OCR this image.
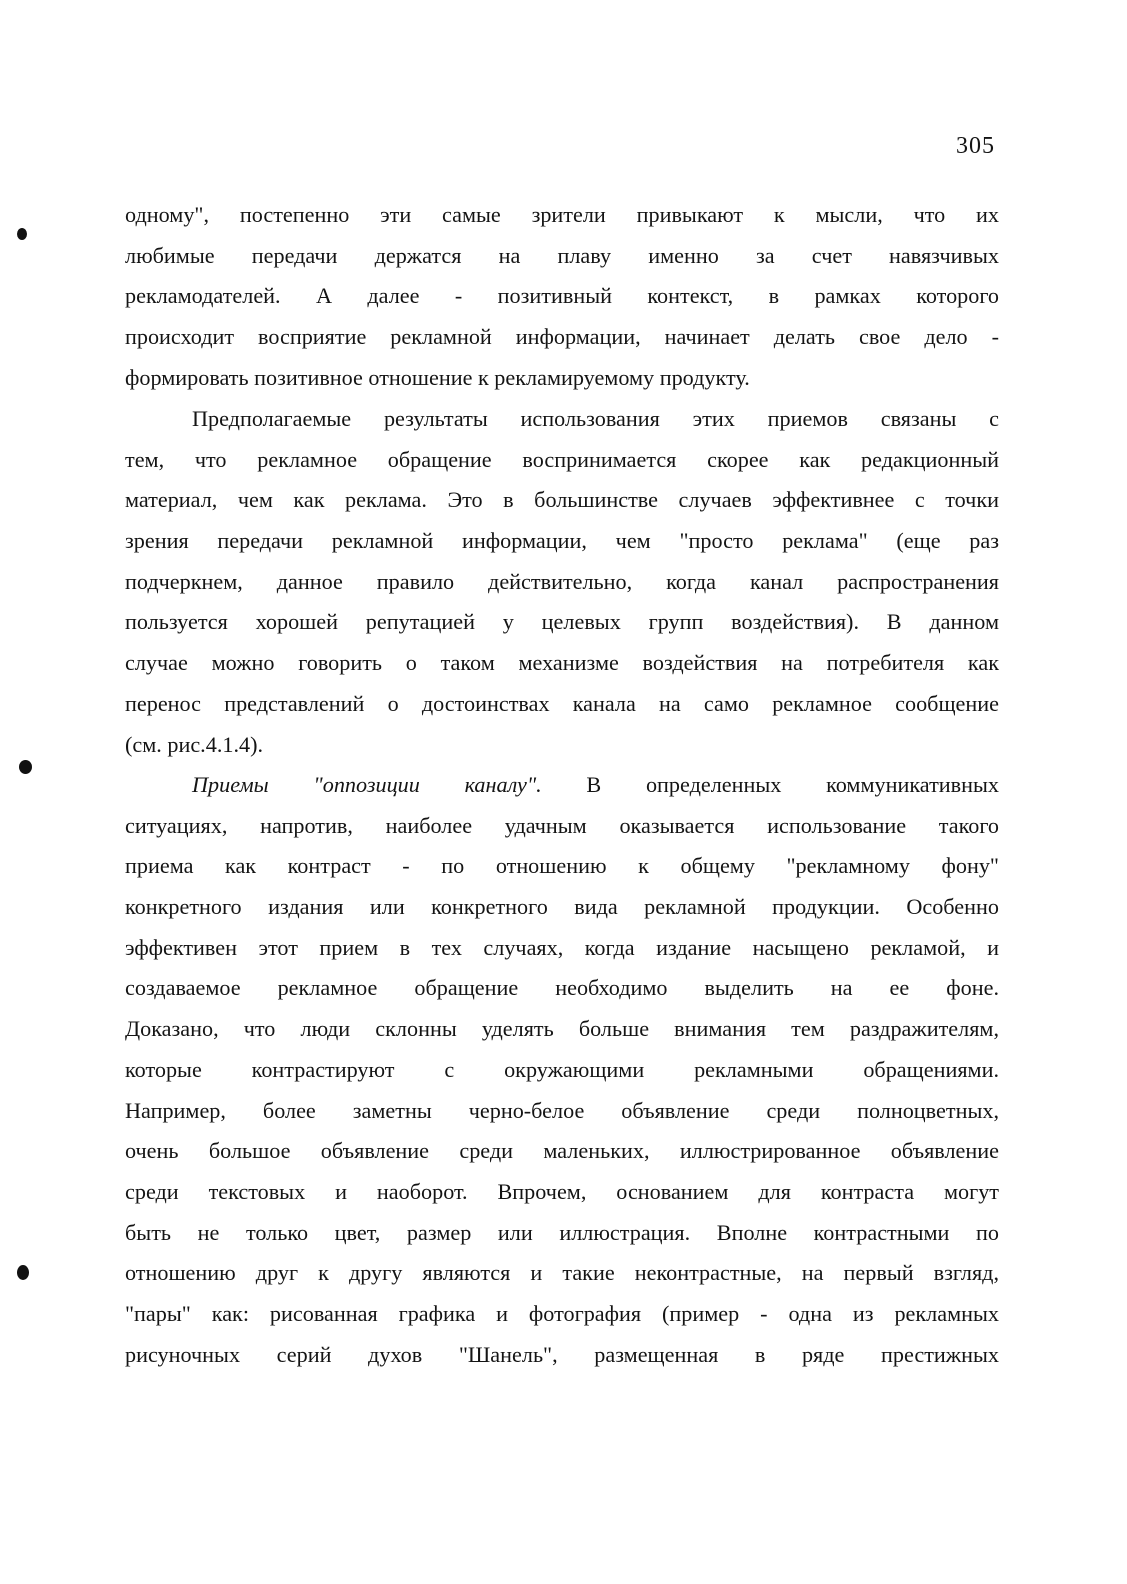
305
одному", постепенно эти самые зрители привыкают к мысли, что их
любимые передачи держатся на плаву именно за счет навязчивых
рекламодателей. А далее - позитивный контекст, в рамках которого
происходит восприятие рекламной информации, начинает делать свое дело -
формировать позитивное отношение к рекламируемому продукту.
Предполагаемые результаты использования этих приемов связаны с
тем, что рекламное обращение воспринимается скорее как редакционный
материал, чем как реклама. Это в большинстве случаев эффективнее с точки
зрения передачи рекламной информации, чем "просто реклама" (еще раз
подчеркнем, данное правило действительно, когда канал распространения
пользуется хорошей репутацией у целевых групп воздействия). В данном
случае можно говорить о таком механизме воздействия на потребителя как
перенос представлений о достоинствах канала на само рекламное сообщение
(см. рис.4.1.4).
Приемы "оппозиции каналу". В определенных коммуникативных
ситуациях, напротив, наиболее удачным оказывается использование такого
приема как контраст - по отношению к общему "рекламному фону"
конкретного издания или конкретного вида рекламной продукции. Особенно
эффективен этот прием в тех случаях, когда издание насыщено рекламой, и
создаваемое рекламное обращение необходимо выделить на ее фоне.
Доказано, что люди склонны уделять больше внимания тем раздражителям,
которые контрастируют с окружающими рекламными обращениями.
Например, более заметны черно-белое объявление среди полноцветных,
очень большое объявление среди маленьких, иллюстрированное объявление
среди текстовых и наоборот. Впрочем, основанием для контраста могут
быть не только цвет, размер или иллюстрация. Вполне контрастными по
отношению друг к другу являются и такие неконтрастные, на первый взгляд,
"пары" как: рисованная графика и фотография (пример - одна из рекламных
рисуночных серий духов "Шанель", размещенная в ряде престижных
